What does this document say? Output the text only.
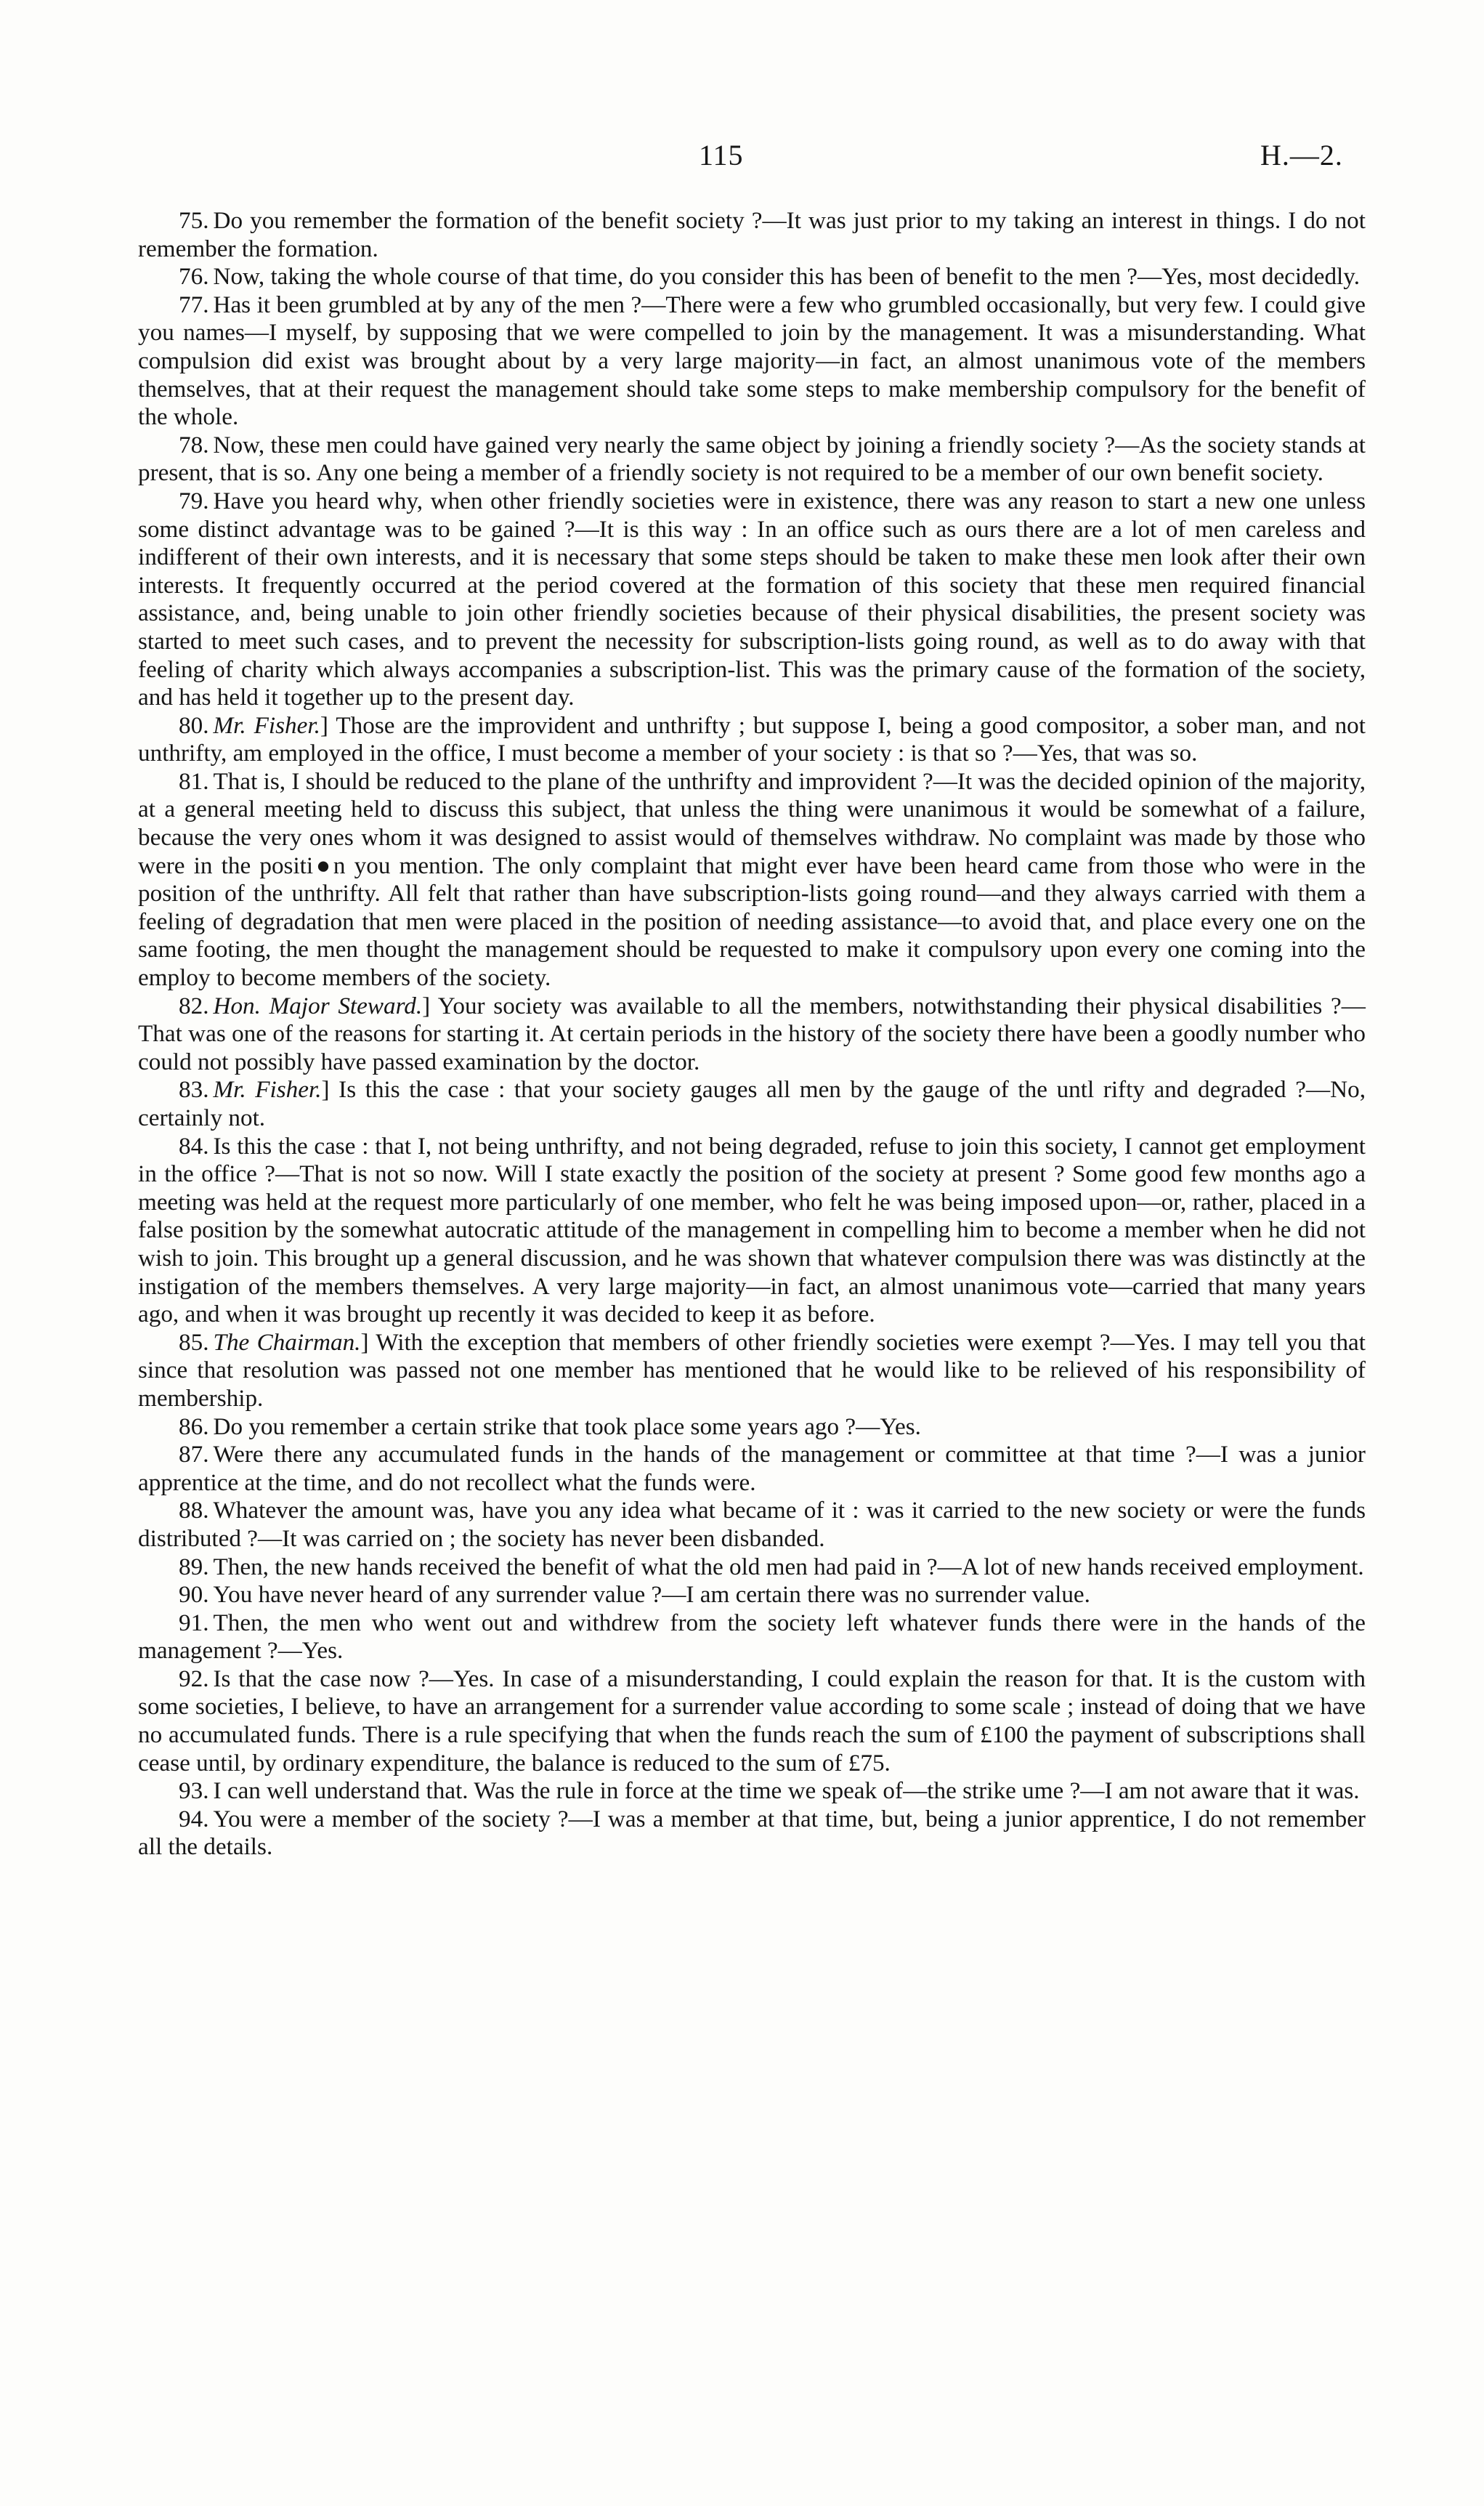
115	H.—2.

75. Do you remember the formation of the benefit society ?—It was just prior to my taking an interest in things. I do not remember the formation.

76. Now, taking the whole course of that time, do you consider this has been of benefit to the men ?—Yes, most decidedly.

77. Has it been grumbled at by any of the men ?—There were a few who grumbled occasionally, but very few. I could give you names—I myself, by supposing that we were compelled to join by the management. It was a misunderstanding. What compulsion did exist was brought about by a very large majority—in fact, an almost unanimous vote of the members themselves, that at their request the management should take some steps to make membership compulsory for the benefit of the whole.

78. Now, these men could have gained very nearly the same object by joining a friendly society ?—As the society stands at present, that is so. Any one being a member of a friendly society is not required to be a member of our own benefit society.

79. Have you heard why, when other friendly societies were in existence, there was any reason to start a new one unless some distinct advantage was to be gained ?—It is this way : In an office such as ours there are a lot of men careless and indifferent of their own interests, and it is necessary that some steps should be taken to make these men look after their own interests. It frequently occurred at the period covered at the formation of this society that these men required financial assistance, and, being unable to join other friendly societies because of their physical disabilities, the present society was started to meet such cases, and to prevent the necessity for subscription-lists going round, as well as to do away with that feeling of charity which always accompanies a subscription-list. This was the primary cause of the formation of the society, and has held it together up to the present day.

80. Mr. Fisher.] Those are the improvident and unthrifty ; but suppose I, being a good compositor, a sober man, and not unthrifty, am employed in the office, I must become a member of your society : is that so ?—Yes, that was so.

81. That is, I should be reduced to the plane of the unthrifty and improvident ?—It was the decided opinion of the majority, at a general meeting held to discuss this subject, that unless the thing were unanimous it would be somewhat of a failure, because the very ones whom it was designed to assist would of themselves withdraw. No complaint was made by those who were in the positi●n you mention. The only complaint that might ever have been heard came from those who were in the position of the unthrifty. All felt that rather than have subscription-lists going round—and they always carried with them a feeling of degradation that men were placed in the position of needing assistance—to avoid that, and place every one on the same footing, the men thought the management should be requested to make it compulsory upon every one coming into the employ to become members of the society.

82. Hon. Major Steward.] Your society was available to all the members, notwithstanding their physical disabilities ?—That was one of the reasons for starting it. At certain periods in the history of the society there have been a goodly number who could not possibly have passed examination by the doctor.

83. Mr. Fisher.] Is this the case : that your society gauges all men by the gauge of the untl rifty and degraded ?—No, certainly not.

84. Is this the case : that I, not being unthrifty, and not being degraded, refuse to join this society, I cannot get employment in the office ?—That is not so now. Will I state exactly the position of the society at present ? Some good few months ago a meeting was held at the request more particularly of one member, who felt he was being imposed upon—or, rather, placed in a false position by the somewhat autocratic attitude of the management in compelling him to become a member when he did not wish to join. This brought up a general discussion, and he was shown that whatever compulsion there was was distinctly at the instigation of the members themselves. A very large majority—in fact, an almost unanimous vote—carried that many years ago, and when it was brought up recently it was decided to keep it as before.

85. The Chairman.] With the exception that members of other friendly societies were exempt ?—Yes. I may tell you that since that resolution was passed not one member has mentioned that he would like to be relieved of his responsibility of membership.

86. Do you remember a certain strike that took place some years ago ?—Yes.

87. Were there any accumulated funds in the hands of the management or committee at that time ?—I was a junior apprentice at the time, and do not recollect what the funds were.

88. Whatever the amount was, have you any idea what became of it : was it carried to the new society or were the funds distributed ?—It was carried on ; the society has never been disbanded.

89. Then, the new hands received the benefit of what the old men had paid in ?—A lot of new hands received employment.

90. You have never heard of any surrender value ?—I am certain there was no surrender value.

91. Then, the men who went out and withdrew from the society left whatever funds there were in the hands of the management ?—Yes.

92. Is that the case now ?—Yes. In case of a misunderstanding, I could explain the reason for that. It is the custom with some societies, I believe, to have an arrangement for a surrender value according to some scale ; instead of doing that we have no accumulated funds. There is a rule specifying that when the funds reach the sum of £100 the payment of subscriptions shall cease until, by ordinary expenditure, the balance is reduced to the sum of £75.

93. I can well understand that. Was the rule in force at the time we speak of—the strike ume ?—I am not aware that it was.

94. You were a member of the society ?—I was a member at that time, but, being a junior apprentice, I do not remember all the details.
